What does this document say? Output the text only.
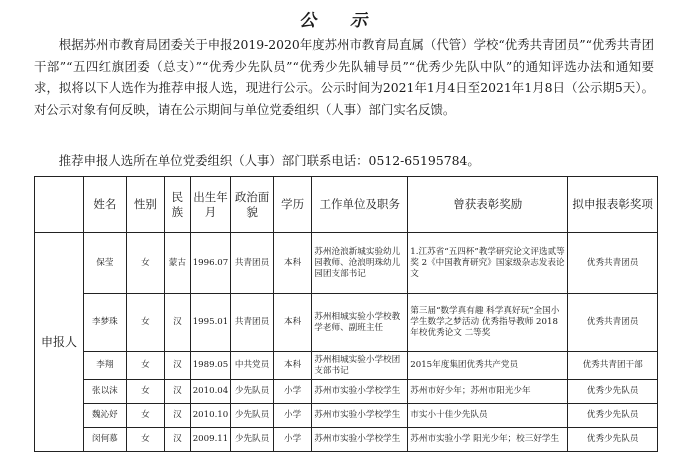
公 示

根据苏州市教育局团委关于申报2019-2020年度苏州市教育局直属（代管）学校“优秀共青团员”“优秀共青团干部”“五四红旗团委（总支）”“优秀少先队员”“优秀少先队辅导员”“优秀少先队中队”的通知评选办法和通知要求，拟将以下人选作为推荐申报人选，现进行公示。公示时间为2021年1月4日至2021年1月8日（公示期5天）。对公示对象有何反映，请在公示期间与单位党委组织（人事）部门实名反馈。

推荐申报人选所在单位党委组织（人事）部门联系电话：0512-65195784。

	姓名	性别	民族	出生年月	政治面貌	学历	工作单位及职务	曾获表彰奖励	拟申报表彰奖项
申报人	保莹	女	蒙古	1996.07	共青团员	本科	苏州沧浪新城实验幼儿园教师、沧浪明珠幼儿园团支部书记	1.江苏省“五四杯”教学研究论文评选贰等奖 2《中国教育研究》国家级杂志发表论文	优秀共青团员
	李梦珠	女	汉	1995.01	共青团员	本科	苏州相城实验小学校教学老师、副班主任	第三届“数学真有趣 科学真好玩”全国小学生数学之梦活动 优秀指导教师 2018年校优秀论文 二等奖	优秀共青团员
	李翔	女	汉	1989.05	中共党员	本科	苏州相城实验小学校团支部书记	2015年度集团优秀共产党员	优秀共青团干部
	张以沫	女	汉	2010.04	少先队员	小学	苏州市实验小学校学生	苏州市好少年；苏州市阳光少年	优秀少先队员
	魏沁妤	女	汉	2010.10	少先队员	小学	苏州市实验小学校学生	市实小十佳少先队员	优秀少先队员
	闵何慕	女	汉	2009.11	少先队员	小学	苏州市实验小学校学生	苏州市实验小学 阳光少年；校三好学生	优秀少先队员
